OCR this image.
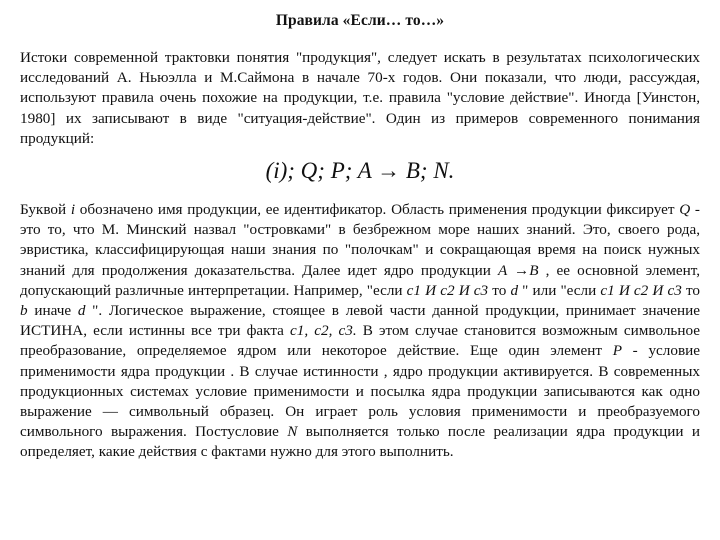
Правила «Если… то…»
Истоки современной трактовки понятия "продукция", следует искать в результатах психологических исследований А. Ньюэлла и М.Саймона в начале 70-х годов. Они показали, что люди, рассуждая, используют правила очень похожие на продукции, т.е. правила "условие действие". Иногда [Уинстон, 1980] их записывают в виде "ситуация-действие". Один из примеров современного понимания продукций:
(i); Q; P; A → B; N.
Буквой i обозначено имя продукции, ее идентификатор. Область применения продукции фиксирует Q - это то, что М. Минский назвал "островками" в безбрежном море наших знаний. Это, своего рода, эвристика, классифицирующая наши знания по "полочкам" и сокращающая время на поиск нужных знаний для продолжения доказательства. Далее идет ядро продукции A →B , ее основной элемент, допускающий различные интерпретации. Например, "если c1 И c2 И c3 то d " или "если c1 И c2 И c3 то b иначе d ". Логическое выражение, стоящее в левой части данной продукции, принимает значение ИСТИНА, если истинны все три факта c1, c2, c3. В этом случае становится возможным символьное преобразование, определяемое ядром или некоторое действие. Еще один элемент P - условие применимости ядра продукции . В случае истинности , ядро продукции активируется. В современных продукционных системах условие применимости и посылка ядра продукции записываются как одно выражение — символьный образец. Он играет роль условия применимости и преобразуемого символьного выражения. Постусловие N выполняется только после реализации ядра продукции и определяет, какие действия с фактами нужно для этого выполнить.
